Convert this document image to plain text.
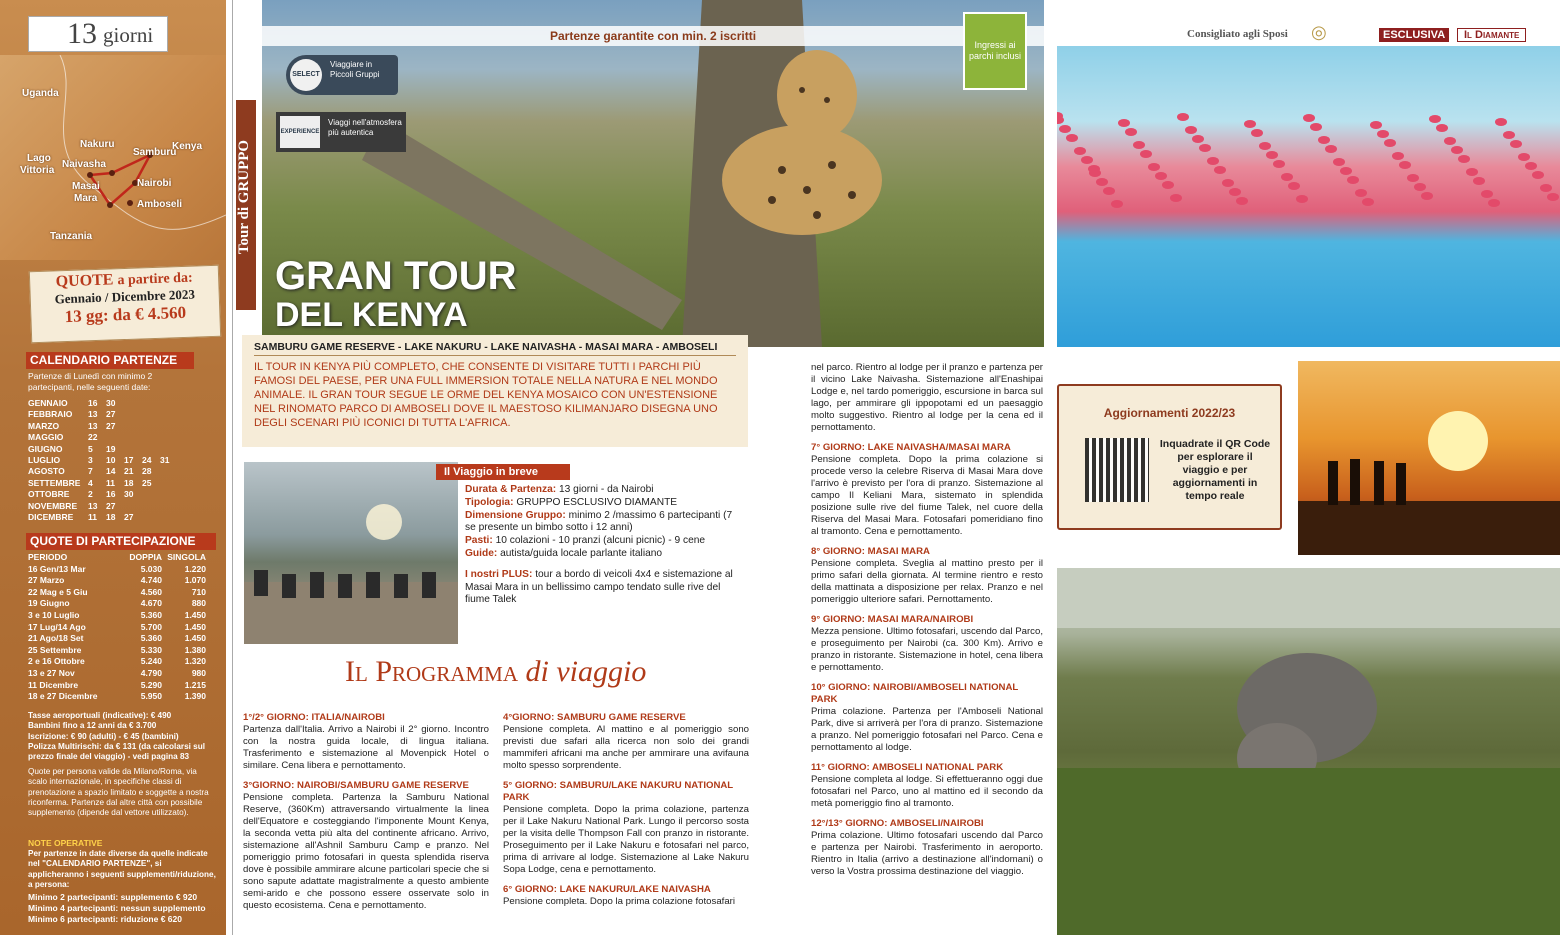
13 giorni
Uganda
Kenya
Tanzania
Lago
Vittoria
Samburu
Nakuru
Naivasha
Masai
Mara
Nairobi
Amboseli
QUOTE a partire da:
Gennaio / Dicembre 2023
13 gg: da € 4.560
CALENDARIO PARTENZE
Partenze di Lunedì con minimo 2 partecipanti, nelle seguenti date:
GENNAIO	16	30
FEBBRAIO	13	27
MARZO	13	27
MAGGIO	22
GIUGNO	5	19
LUGLIO	3	10	17	24	31
AGOSTO	7	14	21	28
SETTEMBRE 4	11	18	25
OTTOBRE	2	16	30
NOVEMBRE	13	27
DICEMBRE	11	18	27
QUOTE DI PARTECIPAZIONE
PERIODO	DOPPIA SINGOLA
16 Gen/13 Mar	5.030	1.220
27 Marzo	4.740	1.070
22 Mag e 5 Giu	4.560	710
19 Giugno	4.670	880
3 e 10 Luglio	5.360	1.450
17 Lug/14 Ago	5.700	1.450
21 Ago/18 Set	5.360	1.450
25 Settembre	5.330	1.380
2 e 16 Ottobre	5.240	1.320
13 e 27 Nov	4.790	980
11 Dicembre	5.290	1.215
18 e 27 Dicembre	5.950	1.390
Tasse aeroportuali (indicative): € 490
Bambini fino a 12 anni da € 3.700
Iscrizione: € 90 (adulti) - € 45 (bambini)
Polizza Multirischi: da € 131 (da calcolarsi sul prezzo finale del viaggio) - vedi pagina 83
Quote per persona valide da Milano/Roma, via scalo internazionale, in specifiche classi di prenotazione a spazio limitato e soggette a nostra riconferma. Partenze dal altre città con possibile supplemento (dipende dal vettore utilizzato).
NOTE OPERATIVE
Per partenze in date diverse da quelle indicate nel "CALENDARIO PARTENZE", si applicheranno i seguenti supplementi/riduzione, a persona:
Minimo 2 partecipanti: supplemento € 920
Minimo 4 partecipanti: nessun supplemento
Minimo 6 partecipanti: riduzione € 620
Tour di GRUPPO
Partenze garantite con min. 2 iscritti
SELECT
Viaggiare in Piccoli Gruppi
EXPERIENCE
Viaggi nell'atmosfera più autentica
Ingressi ai parchi inclusi
GRAN TOUR
DEL KENYA
SAMBURU GAME RESERVE - LAKE NAKURU - LAKE NAIVASHA - MASAI MARA - AMBOSELI
IL TOUR IN KENYA PIÙ COMPLETO, CHE CONSENTE DI VISITARE TUTTI I PARCHI PIÙ FAMOSI DEL PAESE, PER UNA FULL IMMERSION TOTALE NELLA NATURA E NEL MONDO ANIMALE. IL GRAN TOUR SEGUE LE ORME DEL KENYA MOSAICO CON UN'ESTENSIONE NEL RINOMATO PARCO DI AMBOSELI DOVE IL MAESTOSO KILIMANJARO DISEGNA UNO DEGLI SCENARI PIÙ ICONICI DI TUTTA L'AFRICA.
Il Viaggio in breve
Durata & Partenza: 13 giorni - da Nairobi
Tipologia: GRUPPO ESCLUSIVO DIAMANTE
Dimensione Gruppo: minimo 2 /massimo 6 partecipanti (7 se presente un bimbo sotto i 12 anni)
Pasti: 10 colazioni - 10 pranzi (alcuni picnic) - 9 cene
Guide: autista/guida locale parlante italiano
I nostri PLUS: tour a bordo di veicoli 4x4 e sistemazione al Masai Mara in un bellissimo campo tendato sulle rive del fiume Talek
Il Programma di viaggio
1°/2° GIORNO: ITALIA/NAIROBI

Partenza dall'Italia. Arrivo a Nairobi il 2° giorno. Incontro con la nostra guida locale, di lingua italiana. Trasferimento e sistemazione al Movenpick Hotel o similare. Cena libera e pernottamento.

3°GIORNO: NAIROBI/SAMBURU GAME RESERVE

Pensione completa. Partenza la Samburu National Reserve, (360Km) attraversando virtualmente la linea dell'Equatore e costeggiando l'imponente Mount Kenya, la seconda vetta più alta del continente africano. Arrivo, sistemazione all'Ashnil Samburu Camp e pranzo. Nel pomeriggio primo fotosafari in questa splendida riserva dove è possibile ammirare alcune particolari specie che si sono sapute adattate magistralmente a questo ambiente semi-arido e che possono essere osservate solo in questo ecosistema. Cena e pernottamento.

4°GIORNO: SAMBURU GAME RESERVE

Pensione completa. Al mattino e al pomeriggio sono previsti due safari alla ricerca non solo dei grandi mammiferi africani ma anche per ammirare una avifauna molto spesso sorprendente.

5° GIORNO: SAMBURU/LAKE NAKURU NATIONAL PARK

Pensione completa. Dopo la prima colazione, partenza per il Lake Nakuru National Park. Lungo il percorso sosta per la visita delle Thompson Fall con pranzo in ristorante. Proseguimento per il Lake Nakuru e fotosafari nel parco, prima di arrivare al lodge. Sistemazione al Lake Nakuru Sopa Lodge, cena e pernottamento.

6° GIORNO: LAKE NAKURU/LAKE NAIVASHA

Pensione completa. Dopo la prima colazione fotosafari

nel parco. Rientro al lodge per il pranzo e partenza per il vicino Lake Naivasha. Sistemazione all'Enashipai Lodge e, nel tardo pomeriggio, escursione in barca sul lago, per ammirare gli ippopotami ed un paesaggio molto suggestivo. Rientro al lodge per la cena ed il pernottamento.

7° GIORNO: LAKE NAIVASHA/MASAI MARA

Pensione completa. Dopo la prima colazione si procede verso la celebre Riserva di Masai Mara dove l'arrivo è previsto per l'ora di pranzo. Sistemazione al campo Il Keliani Mara, sistemato in splendida posizione sulle rive del fiume Talek, nel cuore della Riserva del Masai Mara. Fotosafari pomeridiano fino al tramonto. Cena e pernottamento.

8° GIORNO: MASAI MARA

Pensione completa. Sveglia al mattino presto per il primo safari della giornata. Al termine rientro e resto della mattinata a disposizione per relax. Pranzo e nel pomeriggio ulteriore safari. Pernottamento.

9° GIORNO: MASAI MARA/NAIROBI

Mezza pensione. Ultimo fotosafari, uscendo dal Parco, e proseguimento per Nairobi (ca. 300 Km). Arrivo e pranzo in ristorante. Sistemazione in hotel, cena libera e pernottamento.

10° GIORNO: NAIROBI/AMBOSELI NATIONAL PARK

Prima colazione. Partenza per l'Amboseli National Park, dive si arriverà per l'ora di pranzo. Sistemazione a pranzo. Nel pomeriggio fotosafari nel Parco. Cena e pernottamento al lodge.

11° GIORNO: AMBOSELI NATIONAL PARK

Pensione completa al lodge. Si effettueranno oggi due fotosafari nel Parco, uno al mattino ed il secondo da metà pomeriggio fino al tramonto.

12°/13° GIORNO: AMBOSELI/NAIROBI

Prima colazione. Ultimo fotosafari uscendo dal Parco e partenza per Nairobi. Trasferimento in aeroporto. Rientro in Italia (arrivo a destinazione all'indomani) o verso la Vostra prossima destinazione del viaggio.

Consigliato agli Sposi ◎	ESCLUSIVA	Il Diamante
Aggiornamenti 2022/23
Inquadrate il QR Code per esplorare il viaggio e per aggiornamenti in tempo reale
